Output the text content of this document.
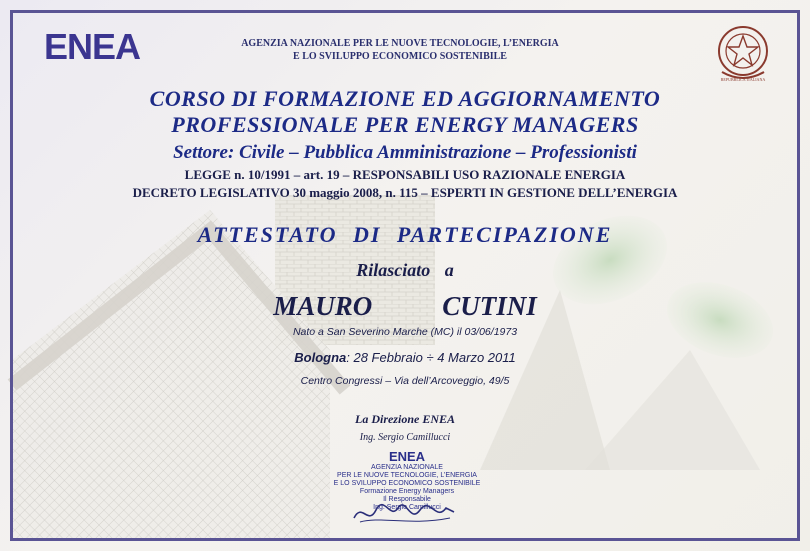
ENEA	AGENZIA NAZIONALE PER LE NUOVE TECNOLOGIE, L’ENERGIA
E LO SVILUPPO ECONOMICO SOSTENIBILE
REPUBBLICA ITALIANA
CORSO DI FORMAZIONE ED AGGIORNAMENTO
PROFESSIONALE PER ENERGY MANAGERS
Settore: Civile – Pubblica Amministrazione – Professionisti
LEGGE n. 10/1991 – art. 19 – RESPONSABILI USO RAZIONALE ENERGIA
DECRETO LEGISLATIVO 30 maggio 2008, n. 115 – ESPERTI IN GESTIONE DELL’ENERGIA
ATTESTATO DI PARTECIPAZIONE
Rilasciato a
MAURO	CUTINI
Nato a San Severino Marche (MC) il 03/06/1973
Bologna: 28 Febbraio ÷ 4 Marzo 2011
Centro Congressi – Via dell’Arcoveggio, 49/5
La Direzione ENEA
Ing. Sergio Camillucci
ENEA
AGENZIA NAZIONALE
PER LE NUOVE TECNOLOGIE, L’ENERGIA
E LO SVILUPPO ECONOMICO SOSTENIBILE
Formazione Energy Managers
Il Responsabile
Ing. Sergio Camillucci
